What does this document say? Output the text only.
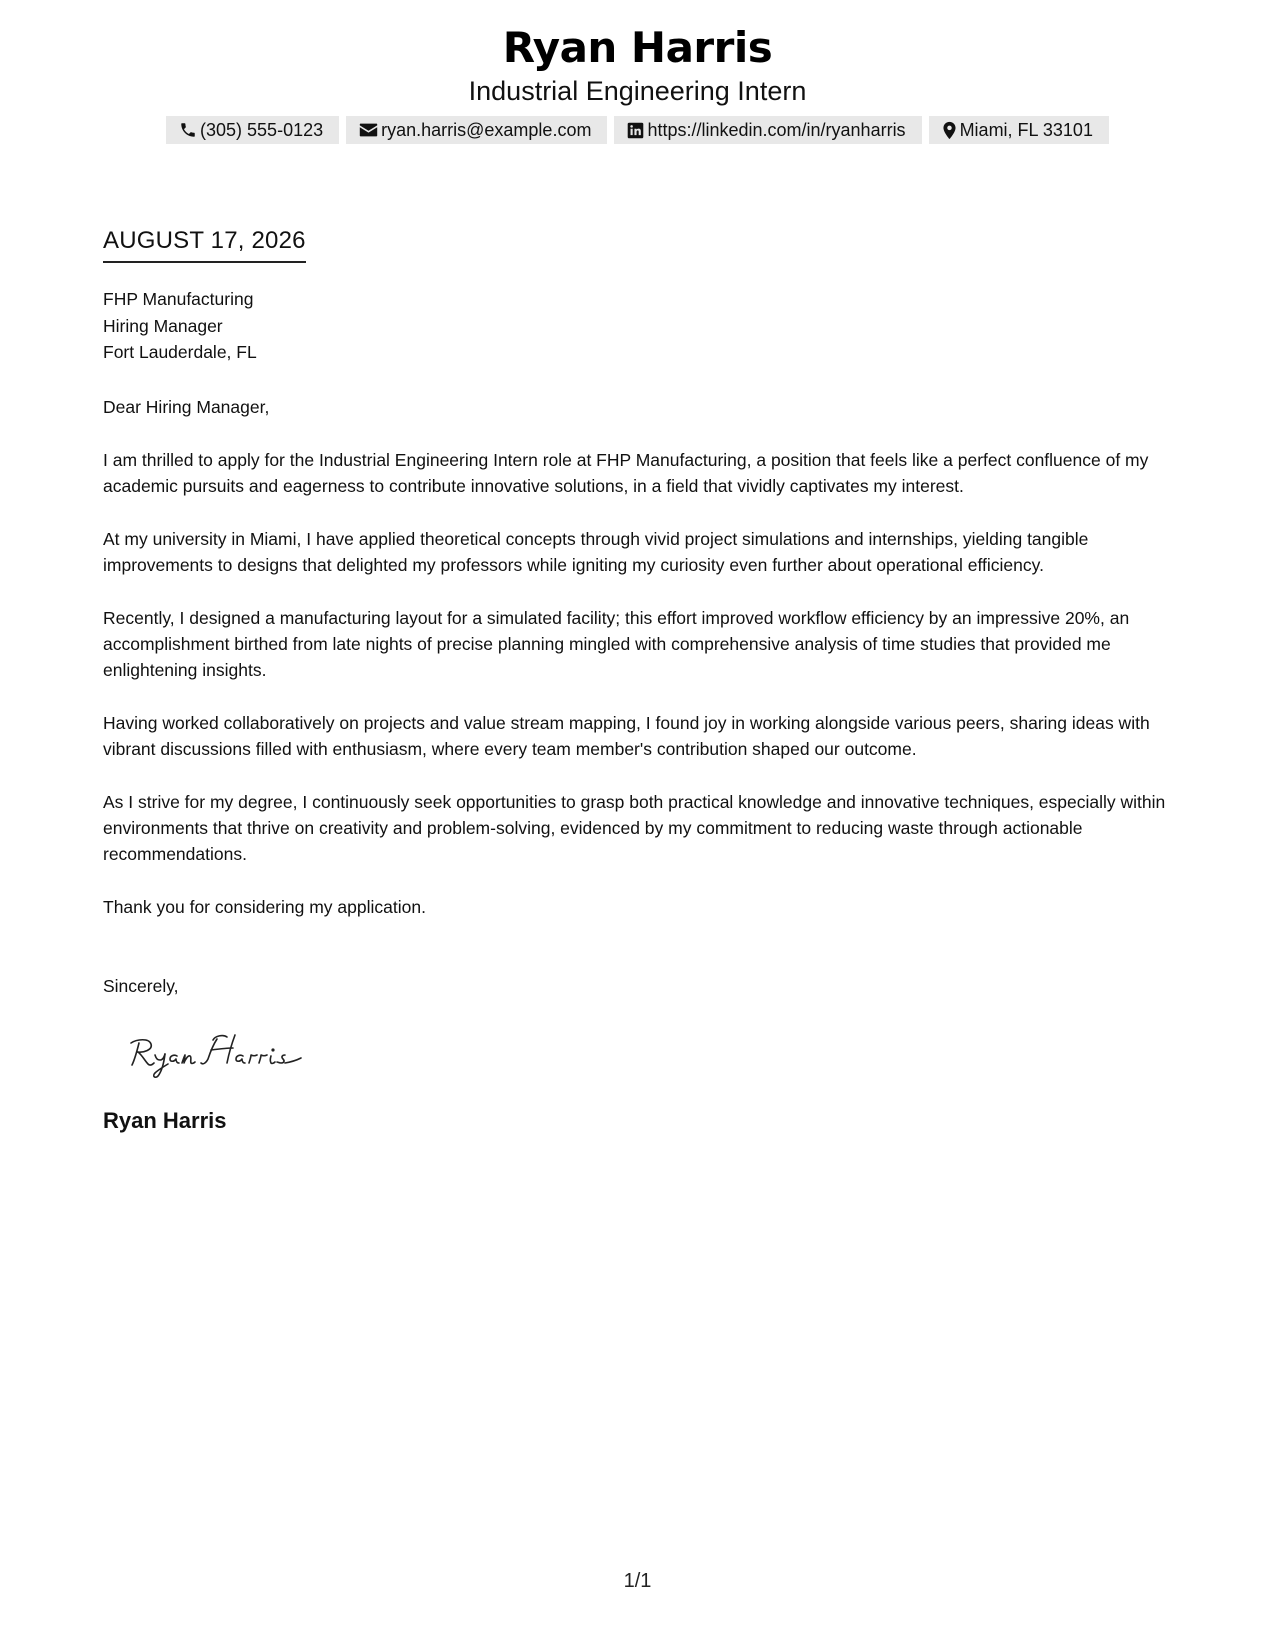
Ryan Harris
Industrial Engineering Intern
(305) 555-0123	ryan.harris@example.com	https://linkedin.com/in/ryanharris	Miami, FL 33101
AUGUST 17, 2026
FHP Manufacturing
Hiring Manager
Fort Lauderdale, FL
Dear Hiring Manager,
I am thrilled to apply for the Industrial Engineering Intern role at FHP Manufacturing, a position that feels like a perfect confluence of my academic pursuits and eagerness to contribute innovative solutions, in a field that vividly captivates my interest.
At my university in Miami, I have applied theoretical concepts through vivid project simulations and internships, yielding tangible improvements to designs that delighted my professors while igniting my curiosity even further about operational efficiency.
Recently, I designed a manufacturing layout for a simulated facility; this effort improved workflow efficiency by an impressive 20%, an accomplishment birthed from late nights of precise planning mingled with comprehensive analysis of time studies that provided me enlightening insights.
Having worked collaboratively on projects and value stream mapping, I found joy in working alongside various peers, sharing ideas with vibrant discussions filled with enthusiasm, where every team member's contribution shaped our outcome.
As I strive for my degree, I continuously seek opportunities to grasp both practical knowledge and innovative techniques, especially within environments that thrive on creativity and problem-solving, evidenced by my commitment to reducing waste through actionable recommendations.
Thank you for considering my application.
Sincerely,
Ryan Harris
1/1
